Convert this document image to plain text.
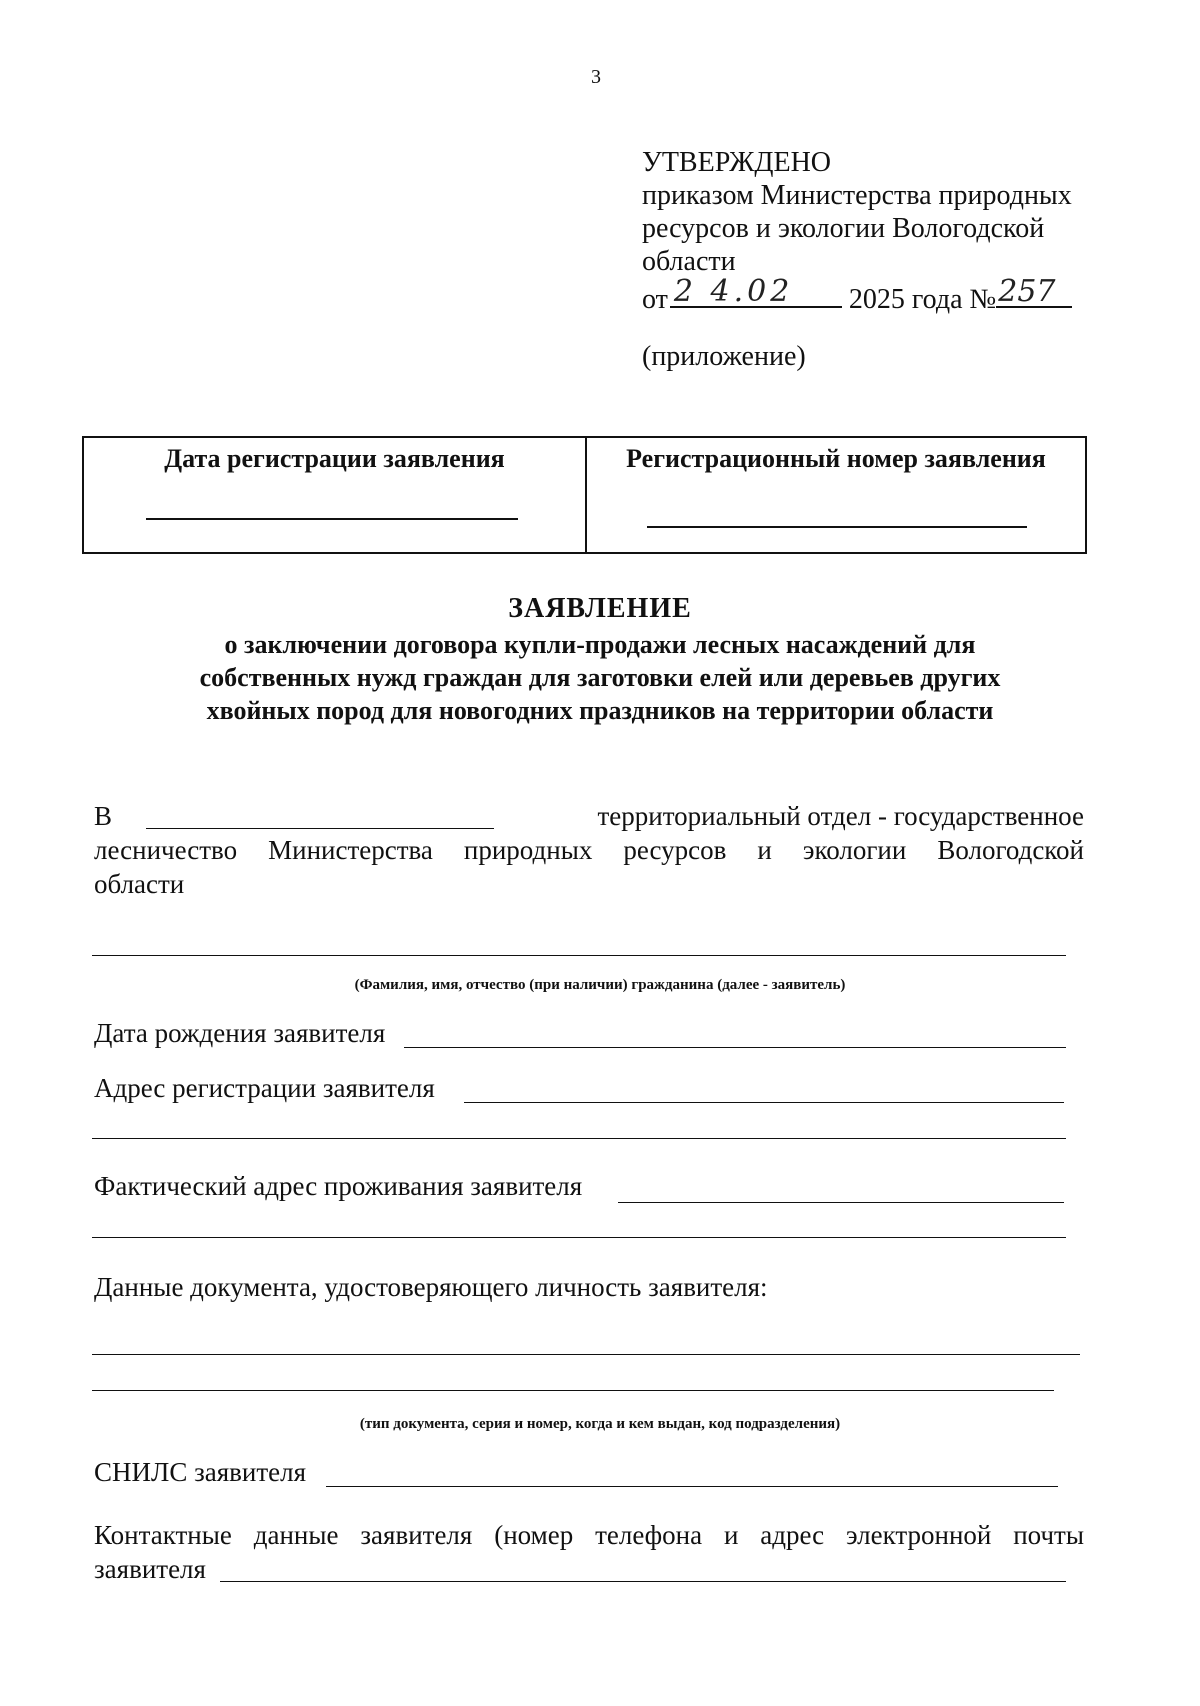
3
УТВЕРЖДЕНО
приказом Министерства природных
ресурсов и экологии Вологодской
области
от 2 4.02 2025 года № 257
(приложение)
Дата регистрации заявления	Регистрационный номер заявления
ЗАЯВЛЕНИЕ
о заключении договора купли-продажи лесных насаждений для
собственных нужд граждан для заготовки елей или деревьев других
хвойных пород для новогодних праздников на территории области
В	территориальный отдел - государственное
лесничество Министерства природных ресурсов и экологии Вологодской
области
(Фамилия, имя, отчество (при наличии) гражданина (далее - заявитель)
Дата рождения заявителя
Адрес регистрации заявителя
Фактический адрес проживания заявителя
Данные документа, удостоверяющего личность заявителя:
(тип документа, серия и номер, когда и кем выдан, код подразделения)
СНИЛС заявителя
Контактные данные заявителя (номер телефона и адрес электронной почты
заявителя
